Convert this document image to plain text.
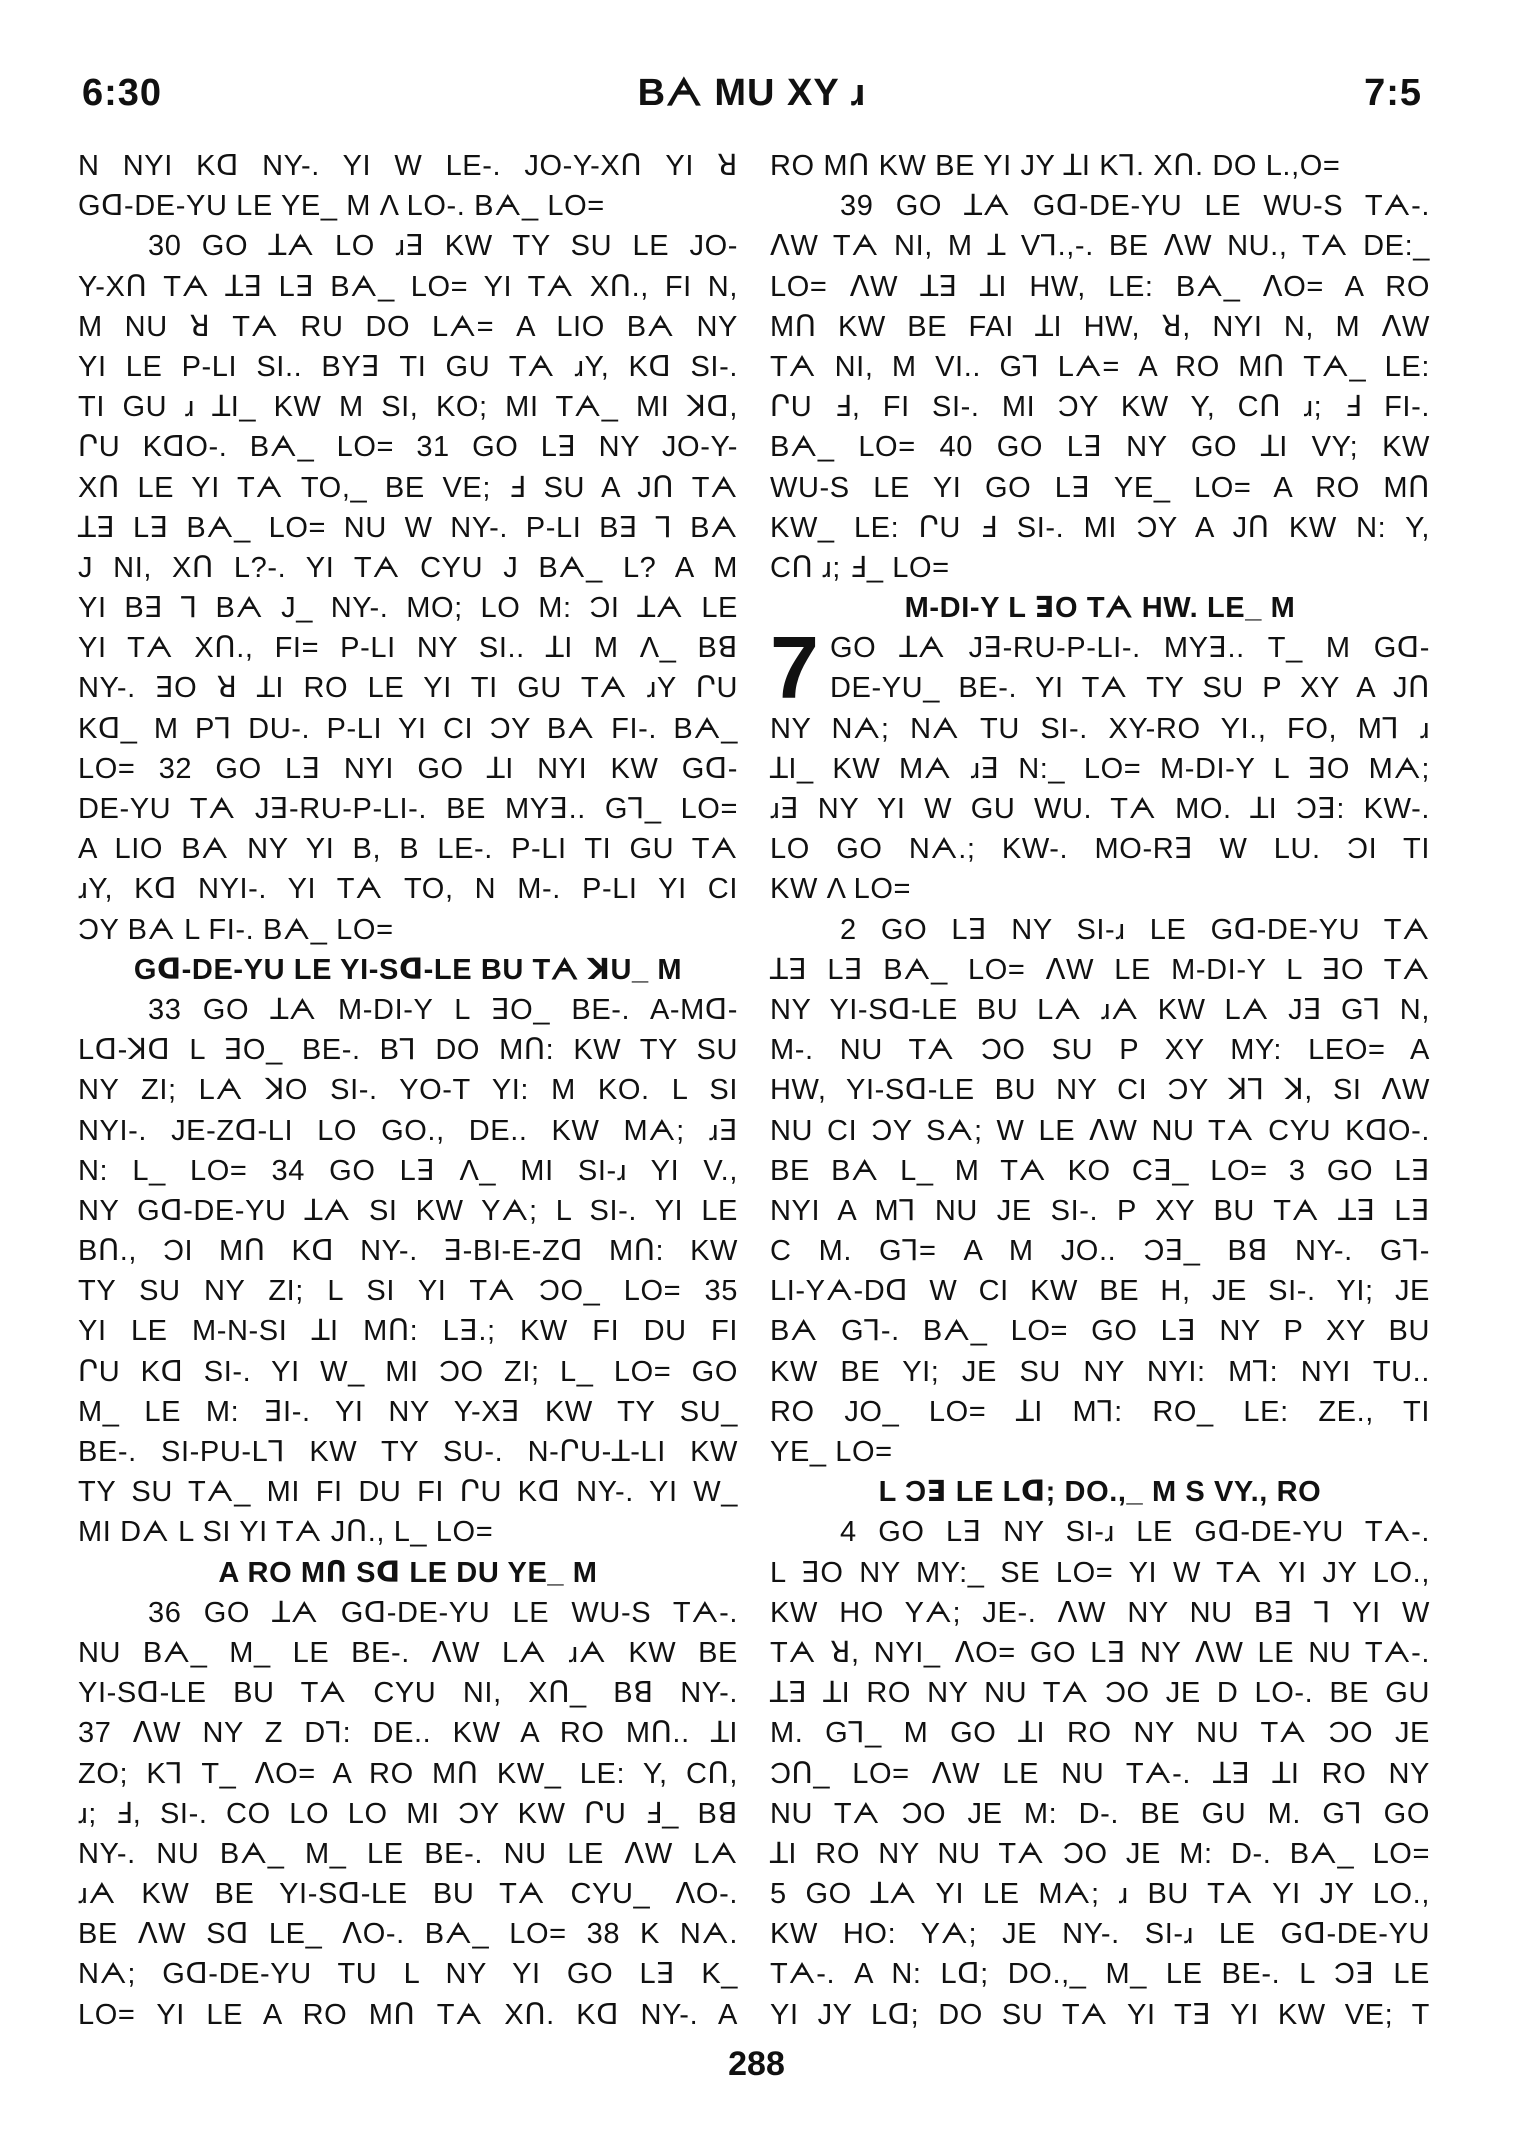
6:30	Bᗅ MU XY ɹ	7:5
N NYI Kᗡ NY-. YI W LE-. JO-Y-XՈ YI ꓤ
Gᗡ-DE-YU LE YE_ M Λ LO-. Bᗅ_ LO=
30 GO ꓕᗅ LO ɹꓱ KW TY SU LE JO-
Y-XՈ Tᗅ ꓕꓱ Lꓱ Bᗅ_ LO= YI Tᗅ XՈ., FI N,
M NU ꓤ Tᗅ RU DO Lᗅ= A LIO Bᗅ NY
YI LE P-LI SI.. BYꓱ TI GU Tᗅ ɹY, Kᗡ SI-.
TI GU ɹ ꓕI_ KW M SI, KO; MI Tᗅ_ MI ꓘᗡ,
ՐU KᗡO-. Bᗅ_ LO= 31 GO Lꓱ NY JO-Y-
XՈ LE YI Tᗅ TO,_ BE VE; Ⅎ SU A JՈ Tᗅ
ꓕꓱ Lꓱ Bᗅ_ LO= NU W NY-. P-LI Bꓱ ꓶ Bᗅ
J NI, XՈ L?-. YI Tᗅ CYU J Bᗅ_ L? A M
YI Bꓱ ꓶ Bᗅ J_ NY-. MO; LO M: ƆI ꓕᗅ LE
YI Tᗅ XՈ., FI= P-LI NY SI.. ꓕI M Λ_ Bꓭ
NY-. ꓱO ꓤ ꓕI RO LE YI TI GU Tᗅ ɹY ՐU
Kᗡ_ M Pꓶ DU-. P-LI YI CI ƆY Bᗅ FI-. Bᗅ_
LO= 32 GO Lꓱ NYI GO ꓕI NYI KW Gᗡ-
DE-YU Tᗅ Jꓱ-RU-P-LI-. BE MYꓱ.. Gꓶ_ LO=
A LIO Bᗅ NY YI B, B LE-. P-LI TI GU Tᗅ
ɹY, Kᗡ NYI-. YI Tᗅ TO, N M-. P-LI YI CI
ƆY Bᗅ L FI-. Bᗅ_ LO=
Gᗡ-DE-YU LE YI-Sᗡ-LE BU Tᗅ ꓘU_ M
33 GO ꓕᗅ M-DI-Y L ꓱO_ BE-. A-Mᗡ-
Lᗡ-ꓘᗡ L ꓱO_ BE-. Bꓶ DO MՈ: KW TY SU
NY ZI; Lᗅ ꓘO SI-. YO-T YI: M KO. L SI
NYI-. JE-Zᗡ-LI LO GO., DE.. KW Mᗅ; ɹꓱ
N: L_ LO= 34 GO Lꓱ Λ_ MI SI-ɹ YI V.,
NY Gᗡ-DE-YU ꓕᗅ SI KW Yᗅ; L SI-. YI LE
BՈ., ƆI MՈ Kᗡ NY-. ꓱ-BI-E-Zᗡ MՈ: KW
TY SU NY ZI; L SI YI Tᗅ ƆO_ LO= 35
YI LE M-N-SI ꓕI MՈ: Lꓱ.; KW FI DU FI
ՐU Kᗡ SI-. YI W_ MI ƆO ZI; L_ LO= GO
M_ LE M: ꓱI-. YI NY Y-Xꓱ KW TY SU_
BE-. SI-PU-Lꓶ KW TY SU-. N-ՐU-ꓕ-LI KW
TY SU Tᗅ_ MI FI DU FI ՐU Kᗡ NY-. YI W_
MI Dᗅ L SI YI Tᗅ JՈ., L_ LO=
A RO MՈ Sᗡ LE DU YE_ M
36 GO ꓕᗅ Gᗡ-DE-YU LE WU-S Tᗅ-.
NU Bᗅ_ M_ LE BE-. ᐱW Lᗅ ɹᗅ KW BE
YI-Sᗡ-LE BU Tᗅ CYU NI, XՈ_ Bꓭ NY-.
37 ᐱW NY Z Dꓶ: DE.. KW A RO MՈ.. ꓕI
ZO; Kꓶ T_ ᐱO= A RO MՈ KW_ LE: Y, CՈ,
ɹ; Ⅎ, SI-. CO LO LO MI ƆY KW ՐU Ⅎ_ Bꓭ
NY-. NU Bᗅ_ M_ LE BE-. NU LE ᐱW Lᗅ
ɹᗅ KW BE YI-Sᗡ-LE BU Tᗅ CYU_ ᐱO-.
BE ᐱW Sᗡ LE_ ᐱO-. Bᗅ_ LO= 38 K Nᗅ.
Nᗅ; Gᗡ-DE-YU TU L NY YI GO Lꓱ K_
LO= YI LE A RO MՈ Tᗅ XՈ. Kᗡ NY-. A
RO MՈ KW BE YI JY ꓕI Kꓶ. XՈ. DO L.,O=
39 GO ꓕᗅ Gᗡ-DE-YU LE WU-S Tᗅ-.
ᐱW Tᗅ NI, M ꓕ Vꓶ.,-. BE ᐱW NU., Tᗅ DE:_
LO= ᐱW ꓕꓱ ꓕI HW, LE: Bᗅ_ ᐱO= A RO
MՈ KW BE FAI ꓕI HW, ꓤ, NYI N, M ᐱW
Tᗅ NI, M VI.. Gꓶ Lᗅ= A RO MՈ Tᗅ_ LE:
ՐU Ⅎ, FI SI-. MI ƆY KW Y, CՈ ɹ; Ⅎ FI-.
Bᗅ_ LO= 40 GO Lꓱ NY GO ꓕI VY; KW
WU-S LE YI GO Lꓱ YE_ LO= A RO MՈ
KW_ LE: ՐU Ⅎ SI-. MI ƆY A JՈ KW N: Y,
CՈ ɹ; Ⅎ_ LO=
M-DI-Y L ꓱO Tᗅ HW. LE_ M
7 GO ꓕᗅ Jꓱ-RU-P-LI-. MYꓱ.. T_ M Gᗡ-
DE-YU_ BE-. YI Tᗅ TY SU P XY A JՈ
NY Nᗅ; Nᗅ TU SI-. XY-RO YI., FO, Mꓶ ɹ
ꓕI_ KW Mᗅ ɹꓱ N:_ LO= M-DI-Y L ꓱO Mᗅ;
ɹꓱ NY YI W GU WU. Tᗅ MO. ꓕI Ɔꓱ: KW-.
LO GO Nᗅ.; KW-. MO-Rꓱ W LU. ƆI TI
KW Λ LO=
2 GO Lꓱ NY SI-ɹ LE Gᗡ-DE-YU Tᗅ
ꓕꓱ Lꓱ Bᗅ_ LO= ᐱW LE M-DI-Y L ꓱO Tᗅ
NY YI-Sᗡ-LE BU Lᗅ ɹᗅ KW Lᗅ Jꓱ Gꓶ N,
M-. NU Tᗅ ƆO SU P XY MY: LEO= A
HW, YI-Sᗡ-LE BU NY CI ƆY ꓘꓶ ꓘ, SI ᐱW
NU CI ƆY Sᗅ; W LE ᐱW NU Tᗅ CYU KᗡO-.
BE Bᗅ L_ M Tᗅ KO Cꓱ_ LO= 3 GO Lꓱ
NYI A Mꓶ NU JE SI-. P XY BU Tᗅ ꓕꓱ Lꓱ
C M. Gꓶ= A M JO.. Ɔꓱ_ Bꓭ NY-. Gꓶ-
LI-Yᗅ-Dᗡ W CI KW BE H, JE SI-. YI; JE
Bᗅ Gꓶ-. Bᗅ_ LO= GO Lꓱ NY P XY BU
KW BE YI; JE SU NY NYI: Mꓶ: NYI TU..
RO JO_ LO= ꓕI Mꓶ: RO_ LE: ZE., TI
YE_ LO=
L Ɔꓱ LE Lᗡ; DO.,_ M S VY., RO
4 GO Lꓱ NY SI-ɹ LE Gᗡ-DE-YU Tᗅ-.
L ꓱO NY MY:_ SE LO= YI W Tᗅ YI JY LO.,
KW HO Yᗅ; JE-. ᐱW NY NU Bꓱ ꓶ YI W
Tᗅ ꓤ, NYI_ ᐱO= GO Lꓱ NY ᐱW LE NU Tᗅ-.
ꓕꓱ ꓕI RO NY NU Tᗅ ƆO JE D LO-. BE GU
M. Gꓶ_ M GO ꓕI RO NY NU Tᗅ ƆO JE
ƆՈ_ LO= ᐱW LE NU Tᗅ-. ꓕꓱ ꓕI RO NY
NU Tᗅ ƆO JE M: D-. BE GU M. Gꓶ GO
ꓕI RO NY NU Tᗅ ƆO JE M: D-. Bᗅ_ LO=
5 GO ꓕᗅ YI LE Mᗅ; ɹ BU Tᗅ YI JY LO.,
KW HO: Yᗅ; JE NY-. SI-ɹ LE Gᗡ-DE-YU
Tᗅ-. A N: Lᗡ; DO.,_ M_ LE BE-. L Ɔꓱ LE
YI JY Lᗡ; DO SU Tᗅ YI Tꓱ YI KW VE; T
288
